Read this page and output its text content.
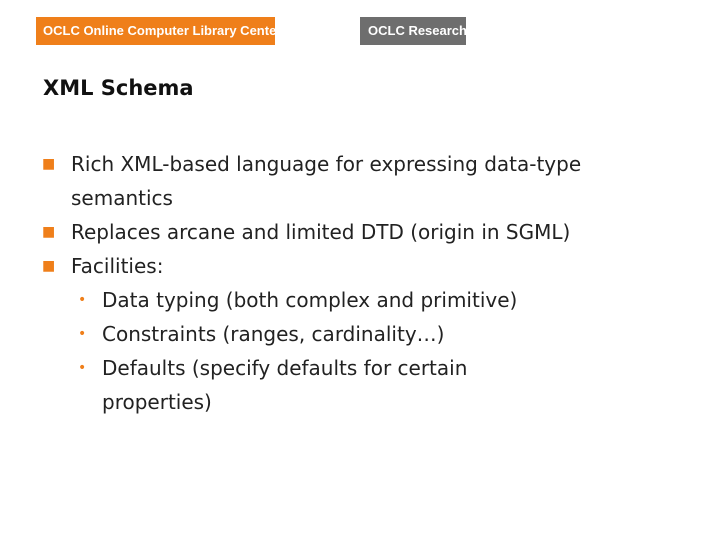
OCLC Online Computer Library Center	OCLC Research
XML Schema
■ Rich XML-based language for expressing data-type semantics
■ Replaces arcane and limited DTD (origin in SGML)
■ Facilities:
• Data typing (both complex and primitive)
• Constraints (ranges, cardinality…)
• Defaults (specify defaults for certain properties)
